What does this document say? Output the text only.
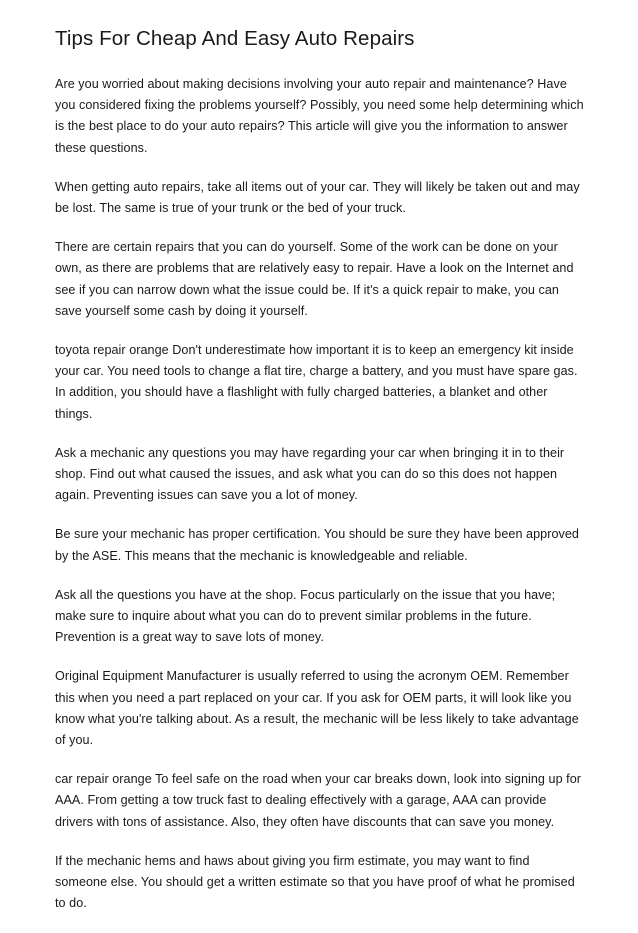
Tips For Cheap And Easy Auto Repairs

Are you worried about making decisions involving your auto repair and maintenance? Have you considered fixing the problems yourself? Possibly, you need some help determining which is the best place to do your auto repairs? This article will give you the information to answer these questions.

When getting auto repairs, take all items out of your car. They will likely be taken out and may be lost. The same is true of your trunk or the bed of your truck.

There are certain repairs that you can do yourself. Some of the work can be done on your own, as there are problems that are relatively easy to repair. Have a look on the Internet and see if you can narrow down what the issue could be. If it's a quick repair to make, you can save yourself some cash by doing it yourself.

toyota repair orange Don't underestimate how important it is to keep an emergency kit inside your car. You need tools to change a flat tire, charge a battery, and you must have spare gas. In addition, you should have a flashlight with fully charged batteries, a blanket and other things.

Ask a mechanic any questions you may have regarding your car when bringing it in to their shop. Find out what caused the issues, and ask what you can do so this does not happen again. Preventing issues can save you a lot of money.

Be sure your mechanic has proper certification. You should be sure they have been approved by the ASE. This means that the mechanic is knowledgeable and reliable.

Ask all the questions you have at the shop. Focus particularly on the issue that you have; make sure to inquire about what you can do to prevent similar problems in the future. Prevention is a great way to save lots of money.

Original Equipment Manufacturer is usually referred to using the acronym OEM. Remember this when you need a part replaced on your car. If you ask for OEM parts, it will look like you know what you're talking about. As a result, the mechanic will be less likely to take advantage of you.

car repair orange To feel safe on the road when your car breaks down, look into signing up for AAA. From getting a tow truck fast to dealing effectively with a garage, AAA can provide drivers with tons of assistance. Also, they often have discounts that can save you money.

If the mechanic hems and haws about giving you firm estimate, you may want to find someone else. You should get a written estimate so that you have proof of what he promised to do.
